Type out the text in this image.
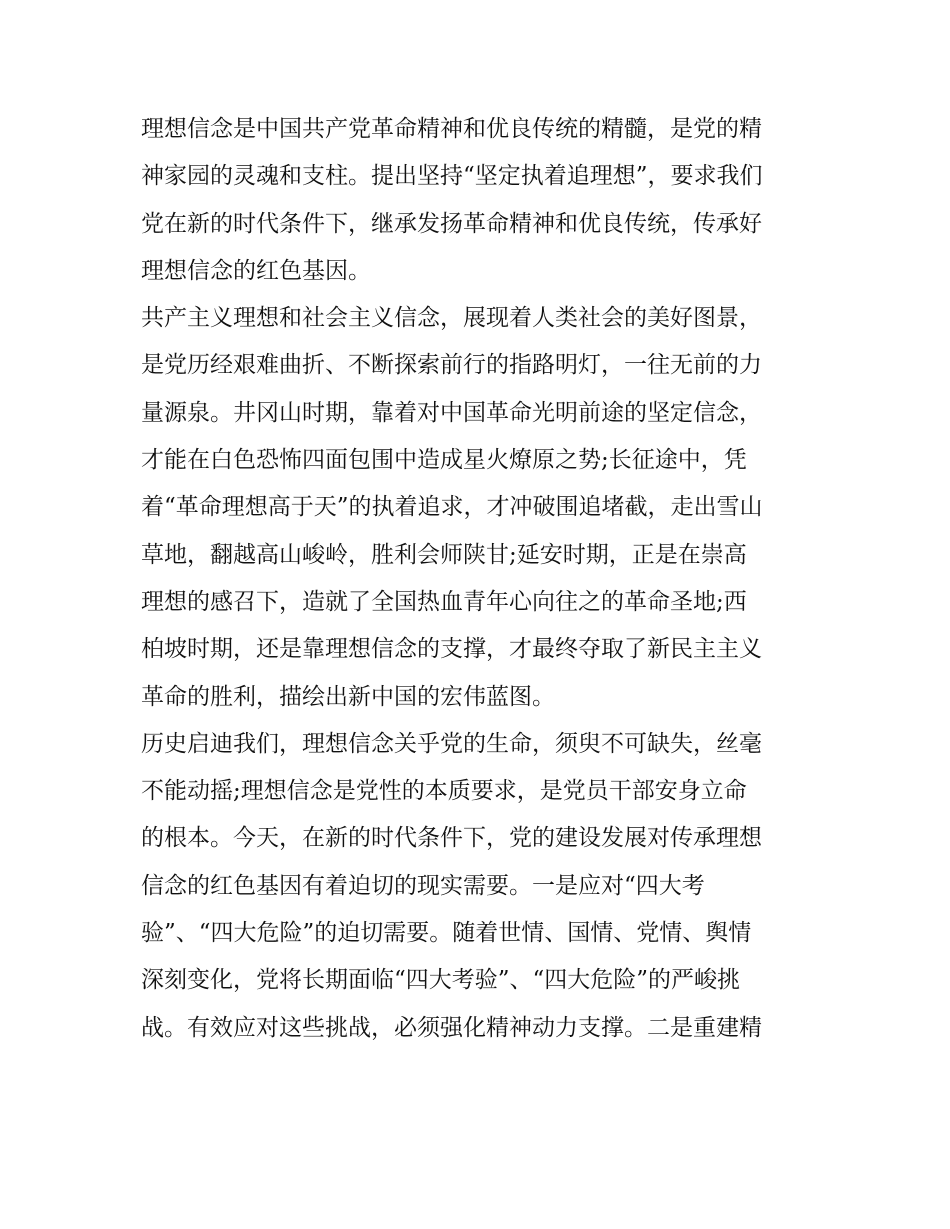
理想信念是中国共产党革命精神和优良传统的精髓，是党的精
神家园的灵魂和支柱。提出坚持“坚定执着追理想”，要求我们
党在新的时代条件下，继承发扬革命精神和优良传统，传承好
理想信念的红色基因。
共产主义理想和社会主义信念，展现着人类社会的美好图景，
是党历经艰难曲折、不断探索前行的指路明灯，一往无前的力
量源泉。井冈山时期，靠着对中国革命光明前途的坚定信念，
才能在白色恐怖四面包围中造成星火燎原之势;长征途中，凭
着“革命理想高于天”的执着追求，才冲破围追堵截，走出雪山
草地，翻越高山峻岭，胜利会师陕甘;延安时期，正是在崇高
理想的感召下，造就了全国热血青年心向往之的革命圣地;西
柏坡时期，还是靠理想信念的支撑，才最终夺取了新民主主义
革命的胜利，描绘出新中国的宏伟蓝图。
历史启迪我们，理想信念关乎党的生命，须臾不可缺失，丝毫
不能动摇;理想信念是党性的本质要求，是党员干部安身立命
的根本。今天，在新的时代条件下，党的建设发展对传承理想
信念的红色基因有着迫切的现实需要。一是应对“四大考
验”、“四大危险”的迫切需要。随着世情、国情、党情、舆情
深刻变化，党将长期面临“四大考验”、“四大危险”的严峻挑
战。有效应对这些挑战，必须强化精神动力支撑。二是重建精
